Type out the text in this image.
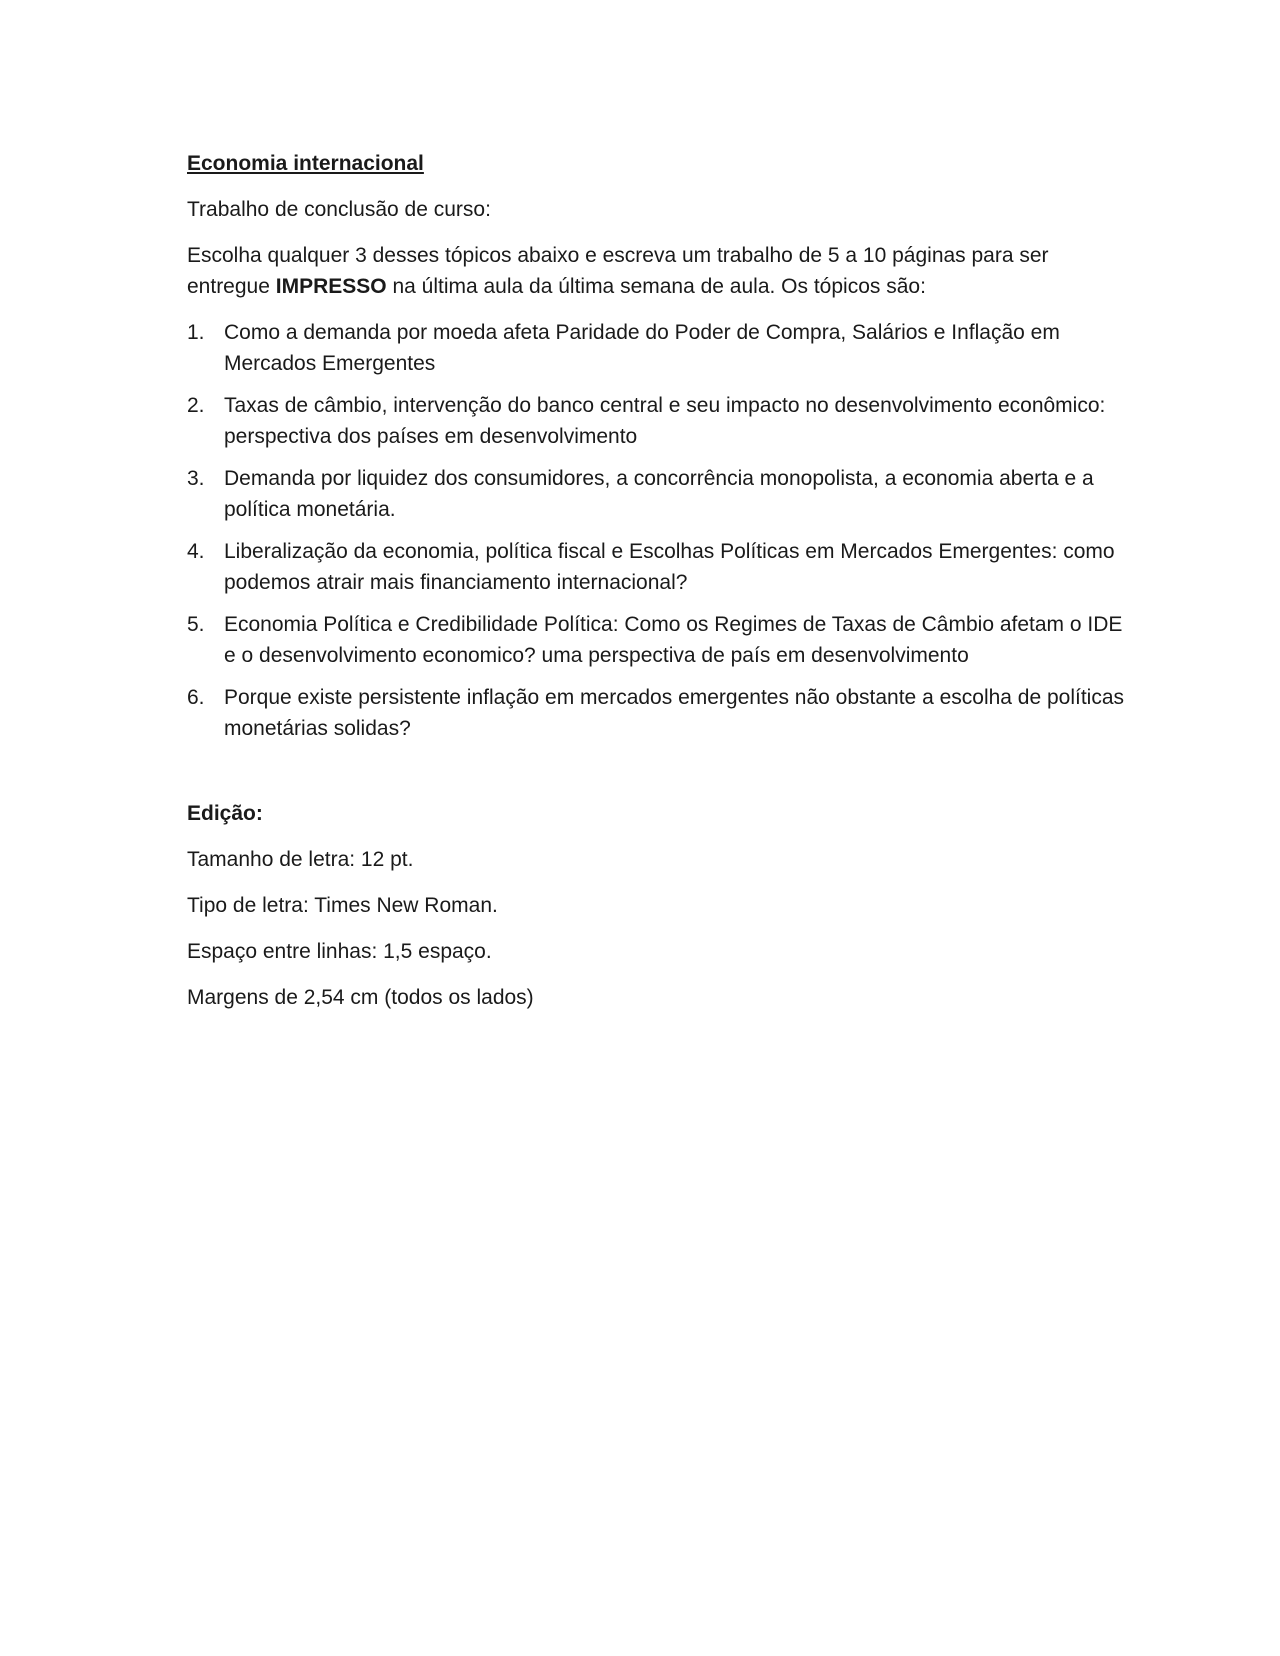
Economia internacional

Trabalho de conclusão de curso:

Escolha qualquer 3 desses tópicos abaixo e escreva um trabalho de 5 a 10 páginas para ser entregue IMPRESSO na última aula da última semana de aula. Os tópicos são:

1. Como a demanda por moeda afeta Paridade do Poder de Compra, Salários e Inflação em Mercados Emergentes
2. Taxas de câmbio, intervenção do banco central e seu impacto no desenvolvimento econômico: perspectiva dos países em desenvolvimento
3. Demanda por liquidez dos consumidores, a concorrência monopolista, a economia aberta e a política monetária.
4. Liberalização da economia, política fiscal e Escolhas Políticas em Mercados Emergentes: como podemos atrair mais financiamento internacional?
5. Economia Política e Credibilidade Política: Como os Regimes de Taxas de Câmbio afetam o IDE e o desenvolvimento economico? uma perspectiva de país em desenvolvimento
6. Porque existe persistente inflação em mercados emergentes não obstante a escolha de políticas monetárias solidas?
Edição:

Tamanho de letra: 12 pt.

Tipo de letra: Times New Roman.

Espaço entre linhas: 1,5 espaço.

Margens de 2,54 cm (todos os lados)
